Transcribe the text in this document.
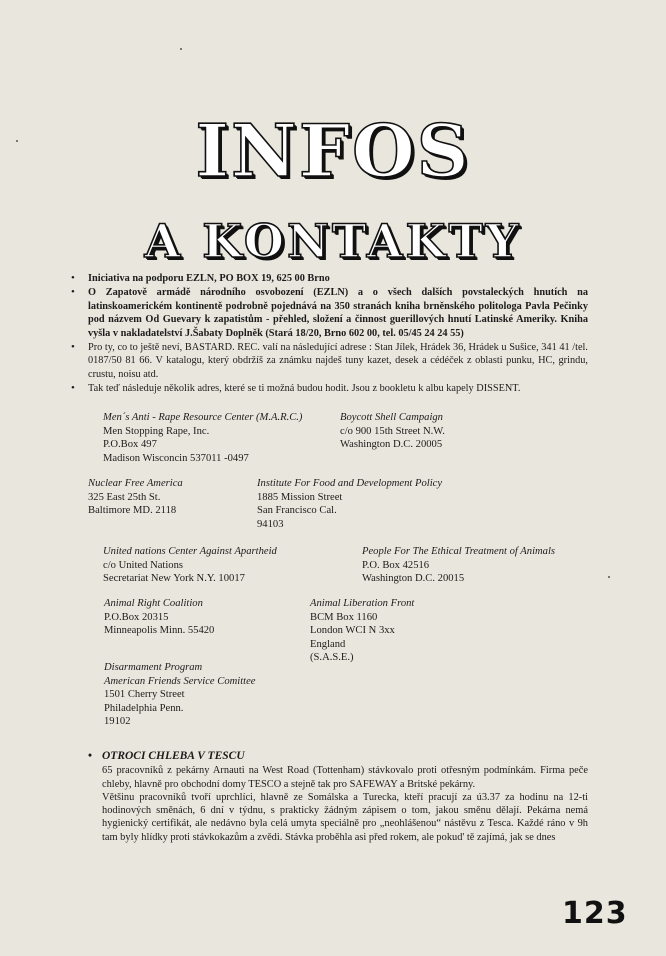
INFOS
A KONTAKTY
• Iniciativa na podporu EZLN, PO BOX 19, 625 00 Brno
• O Zapatově armádě národního osvobození (EZLN) a o všech dalších povstaleckých hnutích na latinskoamerickém kontinentě podrobně pojednává na 350 stranách kniha brněnského politologa Pavla Pečinky pod názvem Od Guevary k zapatistům - přehled, složení a činnost guerillových hnutí Latinské Ameriky. Kniha vyšla v nakladatelství J.Šabaty Doplněk (Stará 18/20, Brno 602 00, tel. 05/45 24 24 55)
• Pro ty, co to ještě neví, BASTARD. REC. valí na následující adrese : Stan Jílek, Hrádek 36, Hrádek u Sušice, 341 41 /tel. 0187/50 81 66. V katalogu, který obdržíš za známku najdeš tuny kazet, desek a cédéček z oblasti punku, HC, grindu, crustu, noisu atd.
• Tak teď následuje několik adres, které se ti možná budou hodit. Jsou z bookletu k albu kapely DISSENT.
Men´s Anti - Rape Resource Center (M.A.R.C.)
Men Stopping Rape, Inc.
P.O.Box 497
Madison Wisconcin 537011 -0497
Boycott Shell Campaign
c/o 900 15th Street N.W.
Washington D.C. 20005
Nuclear Free America
325 East 25th St.
Baltimore MD. 2118
Institute For Food and Development Policy
1885 Mission Street
San Francisco Cal.
94103
United nations Center Against Apartheid
c/o United Nations
Secretariat New York N.Y. 10017
People For The Ethical Treatment of Animals
P.O. Box 42516
Washington D.C. 20015
Animal Right Coalition
P.O.Box 20315
Minneapolis Minn. 55420
Animal Liberation Front
BCM Box 1160
London WCI N 3xx
England
(S.A.S.E.)
Disarmament Program
American Friends Service Comittee
1501 Cherry Street
Philadelphia Penn.
19102
• OTROCI CHLEBA V TESCU

65 pracovníků z pekárny Arnauti na West Road (Tottenham) stávkovalo proti otřesným podmínkám. Firma peče chleby, hlavně pro obchodní domy TESCO a stejně tak pro SAFEWAY a Britské pekárny.

Většinu pracovníků tvoří uprchlíci, hlavně ze Somálska a Turecka, kteří pracují za ú3.37 za hodinu na 12-ti hodinových směnách, 6 dní v týdnu, s prakticky žádným zápisem o tom, jakou směnu dělají. Pekárna nemá hygienický certifikát, ale nedávno byla celá umyta speciálně pro „neohlášenou“ nástěvu z Tesca. Každé ráno v 9h tam byly hlídky proti stávkokazům a zvědi. Stávka proběhla asi před rokem, ale pokud' tě zajímá, jak se dnes

123
